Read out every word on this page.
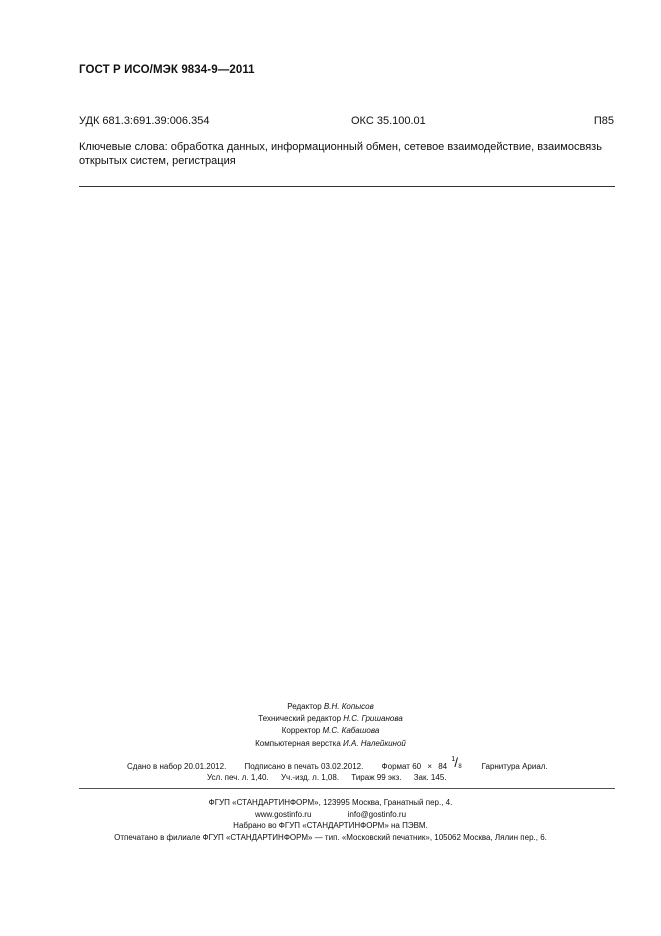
ГОСТ Р ИСО/МЭК 9834-9—2011
УДК 681.3:691.39:006.354	ОКС 35.100.01	П85
Ключевые слова: обработка данных, информационный обмен, сетевое взаимодействие, взаимосвязь
открытых систем, регистрация
Редактор В.Н. Копысов
Технический редактор Н.С. Гришанова
Корректор М.С. Кабашова
Компьютерная верстка И.А. Налейкиной
Сдано в набор 20.01.2012. Подписано в печать 03.02.2012. Формат 60 × 84
1 / 8 Гарнитура Ариал.
Усл. печ. л. 1,40. Уч.-изд. л. 1,08. Тираж 99 экз. Зак. 145.
ФГУП «СТАНДАРТИНФОРМ», 123995 Москва, Гранатный пер., 4.
www.gostinfo.ru	info@gostinfo.ru
Набрано во ФГУП «СТАНДАРТИНФОРМ» на ПЭВМ.
Отпечатано в филиале ФГУП «СТАНДАРТИНФОРМ» — тип. «Московский печатник», 105062 Москва, Лялин пер., 6.
